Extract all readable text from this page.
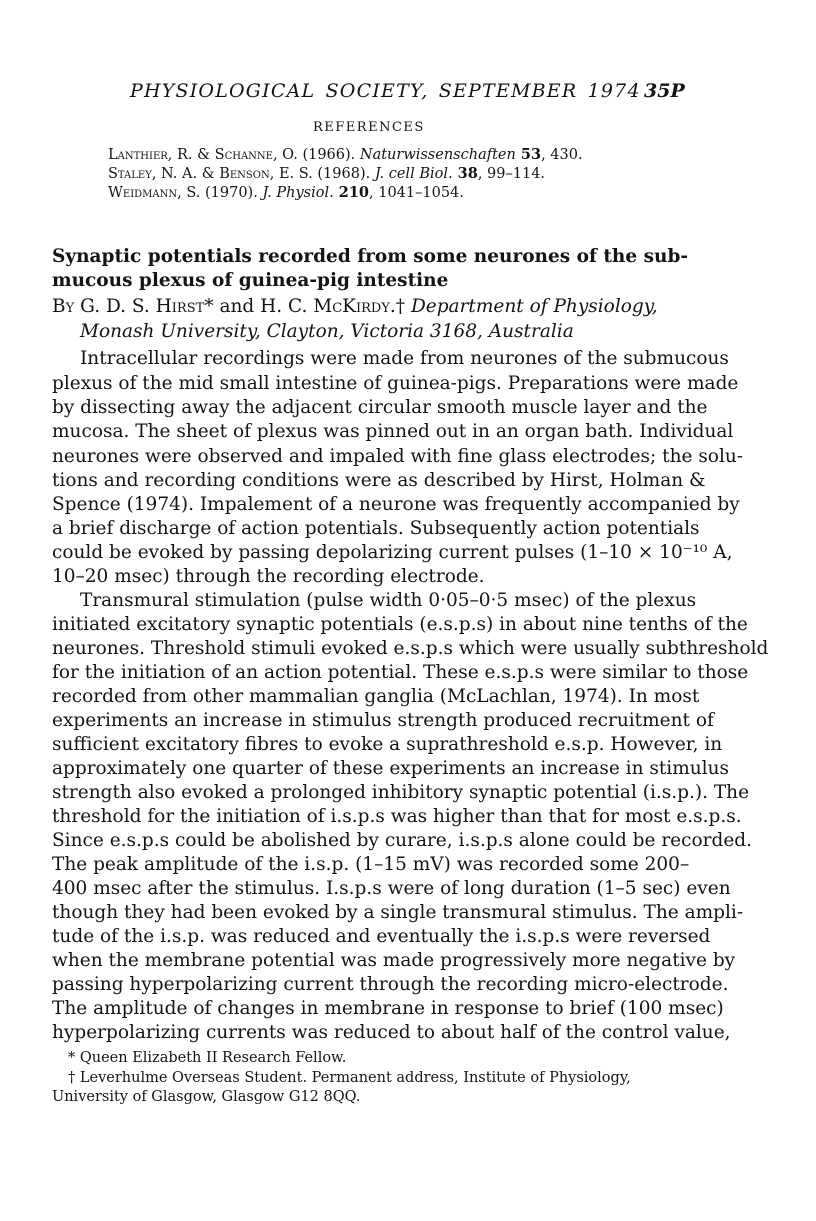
PHYSIOLOGICAL SOCIETY, SEPTEMBER 1974 35P
REFERENCES
Lanthier, R. & Schanne, O. (1966). Naturwissenschaften 53, 430.
Staley, N. A. & Benson, E. S. (1968). J. cell Biol. 38, 99–114.
Weidmann, S. (1970). J. Physiol. 210, 1041–1054.
Synaptic potentials recorded from some neurones of the sub-
mucous plexus of guinea-pig intestine
By G. D. S. Hirst* and H. C. McKirdy.† Department of Physiology,
Monash University, Clayton, Victoria 3168, Australia
Intracellular recordings were made from neurones of the submucous
plexus of the mid small intestine of guinea-pigs. Preparations were made
by dissecting away the adjacent circular smooth muscle layer and the
mucosa. The sheet of plexus was pinned out in an organ bath. Individual
neurones were observed and impaled with fine glass electrodes; the solu-
tions and recording conditions were as described by Hirst, Holman &
Spence (1974). Impalement of a neurone was frequently accompanied by
a brief discharge of action potentials. Subsequently action potentials
could be evoked by passing depolarizing current pulses (1–10 × 10⁻¹⁰ A,
10–20 msec) through the recording electrode.
Transmural stimulation (pulse width 0·05–0·5 msec) of the plexus
initiated excitatory synaptic potentials (e.s.p.s) in about nine tenths of the
neurones. Threshold stimuli evoked e.s.p.s which were usually subthreshold
for the initiation of an action potential. These e.s.p.s were similar to those
recorded from other mammalian ganglia (McLachlan, 1974). In most
experiments an increase in stimulus strength produced recruitment of
sufficient excitatory fibres to evoke a suprathreshold e.s.p. However, in
approximately one quarter of these experiments an increase in stimulus
strength also evoked a prolonged inhibitory synaptic potential (i.s.p.). The
threshold for the initiation of i.s.p.s was higher than that for most e.s.p.s.
Since e.s.p.s could be abolished by curare, i.s.p.s alone could be recorded.
The peak amplitude of the i.s.p. (1–15 mV) was recorded some 200–
400 msec after the stimulus. I.s.p.s were of long duration (1–5 sec) even
though they had been evoked by a single transmural stimulus. The ampli-
tude of the i.s.p. was reduced and eventually the i.s.p.s were reversed
when the membrane potential was made progressively more negative by
passing hyperpolarizing current through the recording micro-electrode.
The amplitude of changes in membrane in response to brief (100 msec)
hyperpolarizing currents was reduced to about half of the control value,
* Queen Elizabeth II Research Fellow.
† Leverhulme Overseas Student. Permanent address, Institute of Physiology,
University of Glasgow, Glasgow G12 8QQ.
